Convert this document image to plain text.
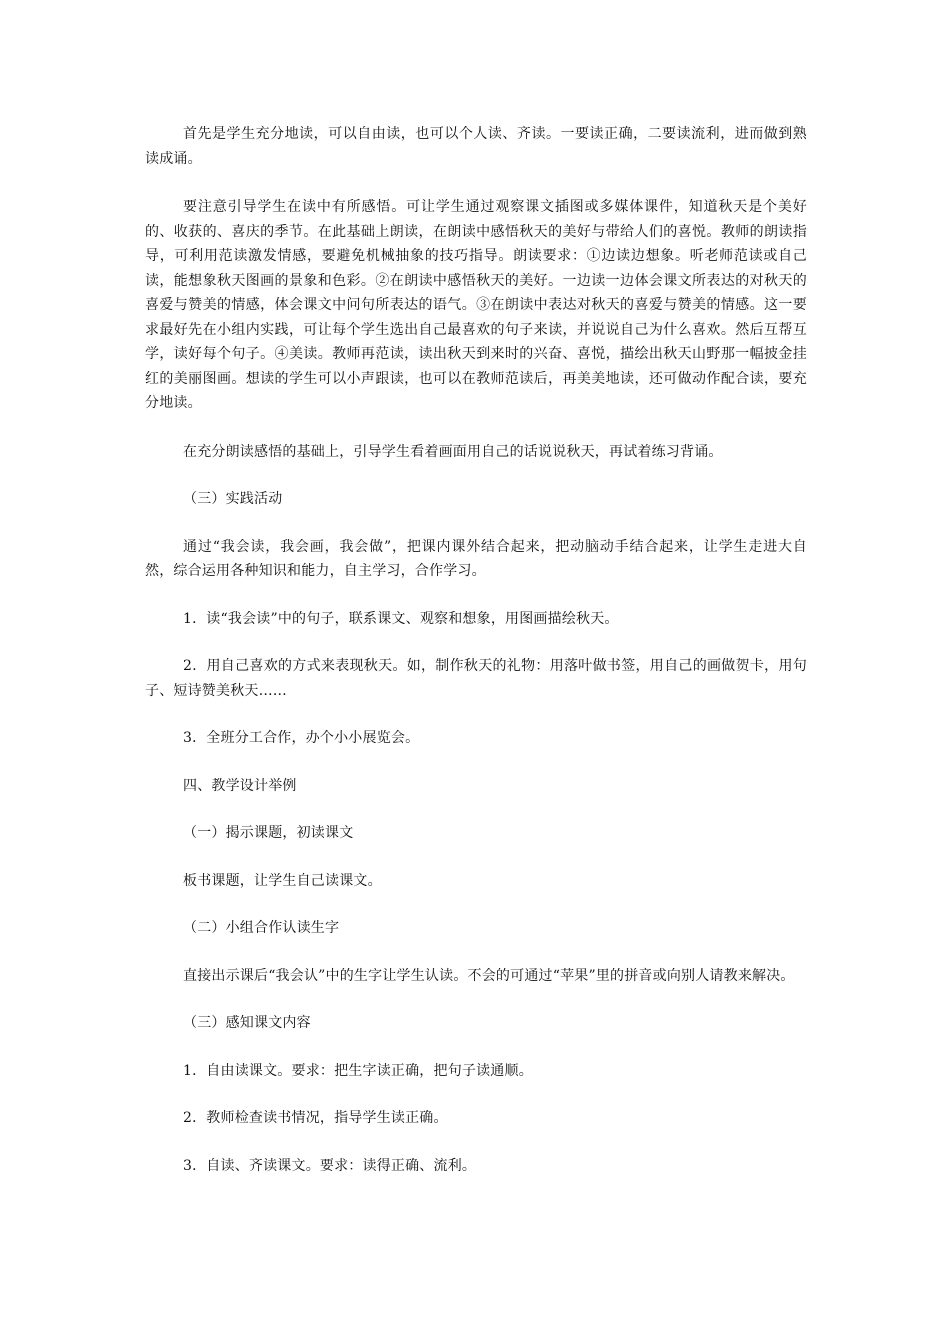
首先是学生充分地读，可以自由读，也可以个人读、齐读。一要读正确，二要读流利，进而做到熟读成诵。

要注意引导学生在读中有所感悟。可让学生通过观察课文插图或多媒体课件，知道秋天是个美好的、收获的、喜庆的季节。在此基础上朗读，在朗读中感悟秋天的美好与带给人们的喜悦。教师的朗读指导，可利用范读激发情感，要避免机械抽象的技巧指导。朗读要求：①边读边想象。听老师范读或自己读，能想象秋天图画的景象和色彩。②在朗读中感悟秋天的美好。一边读一边体会课文所表达的对秋天的喜爱与赞美的情感，体会课文中问句所表达的语气。③在朗读中表达对秋天的喜爱与赞美的情感。这一要求最好先在小组内实践，可让每个学生选出自己最喜欢的句子来读，并说说自己为什么喜欢。然后互帮互学，读好每个句子。④美读。教师再范读，读出秋天到来时的兴奋、喜悦，描绘出秋天山野那一幅披金挂红的美丽图画。想读的学生可以小声跟读，也可以在教师范读后，再美美地读，还可做动作配合读，要充分地读。

在充分朗读感悟的基础上，引导学生看着画面用自己的话说说秋天，再试着练习背诵。

（三）实践活动

通过“我会读，我会画，我会做”，把课内课外结合起来，把动脑动手结合起来，让学生走进大自然，综合运用各种知识和能力，自主学习，合作学习。

1．读“我会读”中的句子，联系课文、观察和想象，用图画描绘秋天。

2．用自己喜欢的方式来表现秋天。如，制作秋天的礼物：用落叶做书签，用自己的画做贺卡，用句子、短诗赞美秋天……

3．全班分工合作，办个小小展览会。

四、教学设计举例

（一）揭示课题，初读课文

板书课题，让学生自己读课文。

（二）小组合作认读生字

直接出示课后“我会认”中的生字让学生认读。不会的可通过“苹果”里的拼音或向别人请教来解决。

（三）感知课文内容

1．自由读课文。要求：把生字读正确，把句子读通顺。

2．教师检查读书情况，指导学生读正确。

3．自读、齐读课文。要求：读得正确、流利。
